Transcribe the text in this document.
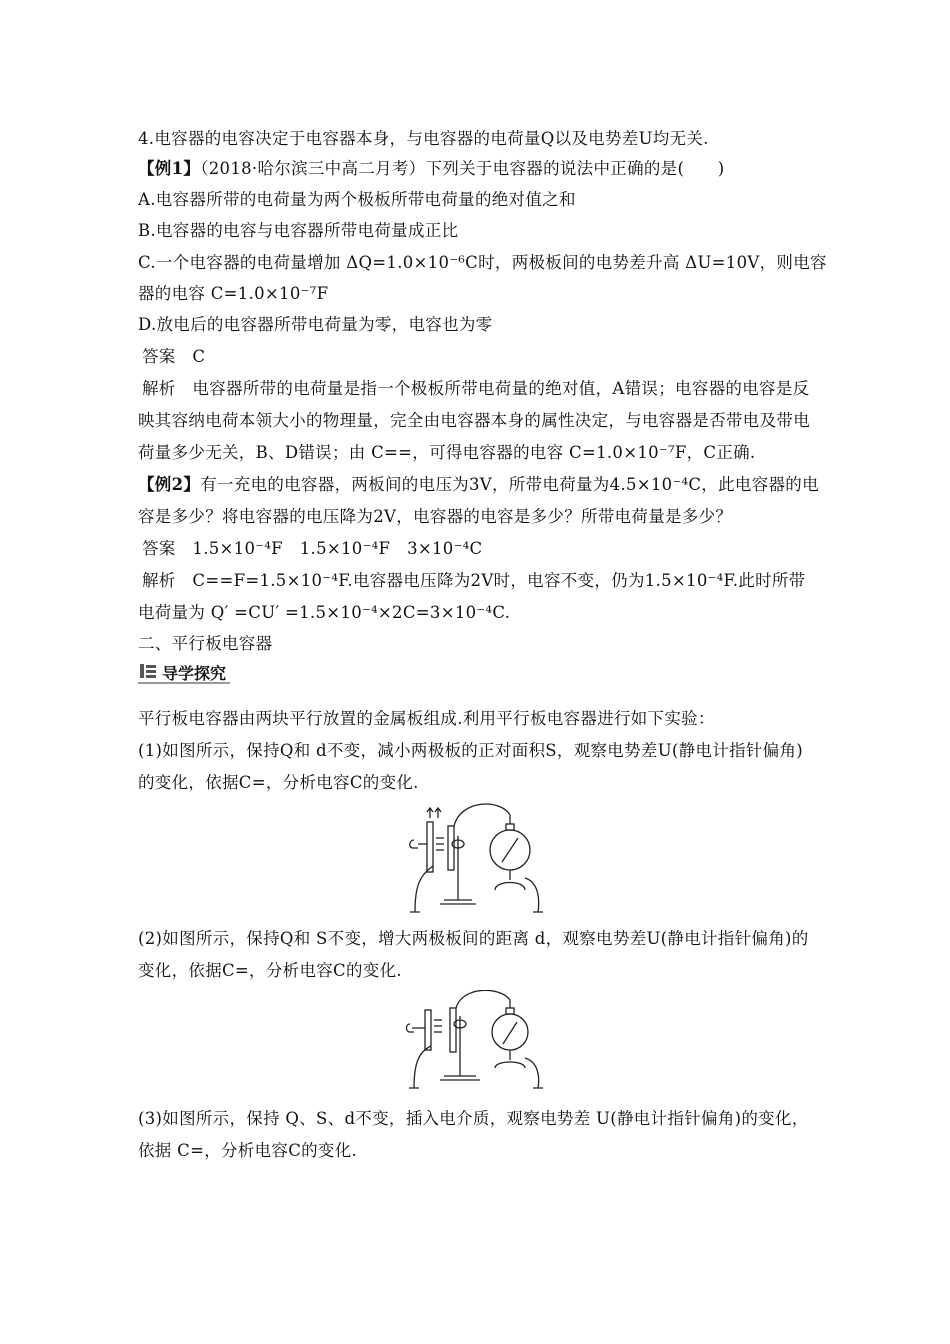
4.电容器的电容决定于电容器本身，与电容器的电荷量Q以及电势差U均无关.
【例1】（2018·哈尔滨三中高二月考）下列关于电容器的说法中正确的是(　　)
A.电容器所带的电荷量为两个极板所带电荷量的绝对值之和
B.电容器的电容与电容器所带电荷量成正比
C.一个电容器的电荷量增加 ΔQ=1.0×10⁻⁶C时，两极板间的电势差升高 ΔU=10V，则电容
器的电容 C=1.0×10⁻⁷F
D.放电后的电容器所带电荷量为零，电容也为零
答案　C
解析　电容器所带的电荷量是指一个极板所带电荷量的绝对值，A错误；电容器的电容是反
映其容纳电荷本领大小的物理量，完全由电容器本身的属性决定，与电容器是否带电及带电
荷量多少无关，B、D错误；由 C==，可得电容器的电容 C=1.0×10⁻⁷F，C正确.
【例2】有一充电的电容器，两板间的电压为3V，所带电荷量为4.5×10⁻⁴C，此电容器的电
容是多少？将电容器的电压降为2V，电容器的电容是多少？所带电荷量是多少？
答案　1.5×10⁻⁴F　1.5×10⁻⁴F　3×10⁻⁴C
解析　C==F=1.5×10⁻⁴F.电容器电压降为2V时，电容不变，仍为1.5×10⁻⁴F.此时所带
电荷量为 Q′ =CU′ =1.5×10⁻⁴×2C=3×10⁻⁴C.
二、平行板电容器
导学探究
平行板电容器由两块平行放置的金属板组成.利用平行板电容器进行如下实验：
(1)如图所示，保持Q和 d不变，减小两极板的正对面积S，观察电势差U(静电计指针偏角)
的变化，依据C=，分析电容C的变化.
(2)如图所示，保持Q和 S不变，增大两极板间的距离 d，观察电势差U(静电计指针偏角)的
变化，依据C=，分析电容C的变化.
(3)如图所示，保持 Q、S、d不变，插入电介质，观察电势差 U(静电计指针偏角)的变化，
依据 C=，分析电容C的变化.
